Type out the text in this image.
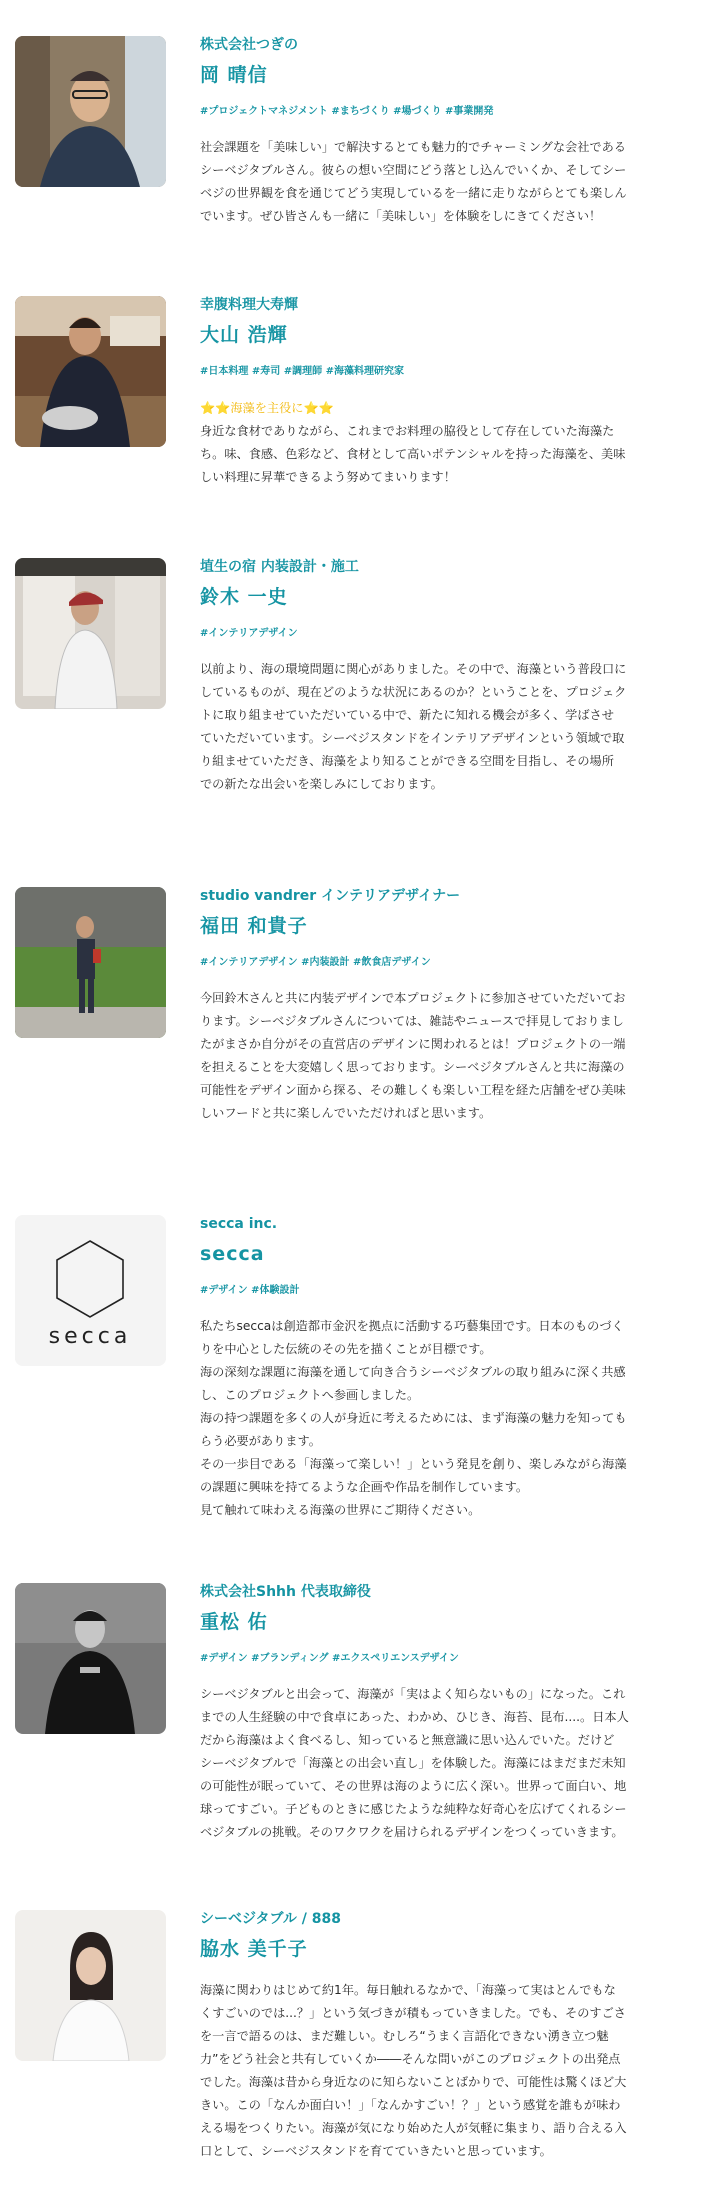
株式会社つぎの
岡 晴信
#プロジェクトマネジメント #まちづくり #場づくり #事業開発

社会課題を「美味しい」で解決するとても魅力的でチャーミングな会社である
シーベジタブルさん。彼らの想い空間にどう落とし込んでいくか、そしてシー
ベジの世界観を食を通じてどう実現しているを一緒に走りながらとても楽しん
でいます。ぜひ皆さんも一緒に「美味しい」を体験をしにきてください！

幸腹料理大寿輝
大山 浩輝
#日本料理 #寿司 #調理師 #海藻料理研究家

⭐⭐海藻を主役に⭐⭐

身近な食材でありながら、これまでお料理の脇役として存在していた海藻た
ち。味、食感、色彩など、食材として高いポテンシャルを持った海藻を、美味
しい料理に昇華できるよう努めてまいります！

埴生の宿 内装設計・施工
鈴木 一史
#インテリアデザイン

以前より、海の環境問題に関心がありました。その中で、海藻という普段口に
しているものが、現在どのような状況にあるのか？ということを、プロジェク
トに取り組ませていただいている中で、新たに知れる機会が多く、学ばさせ
ていただいています。シーベジスタンドをインテリアデザインという領域で取
り組ませていただき、海藻をより知ることができる空間を目指し、その場所
での新たな出会いを楽しみにしております。

studio vandrer インテリアデザイナー
福田 和貴子
#インテリアデザイン #内装設計 #飲食店デザイン

今回鈴木さんと共に内装デザインで本プロジェクトに参加させていただいてお
ります。シーベジタブルさんについては、雑誌やニュースで拝見しておりまし
たがまさか自分がその直営店のデザインに関われるとは！プロジェクトの一端
を担えることを大変嬉しく思っております。シーベジタブルさんと共に海藻の
可能性をデザイン面から探る、その難しくも楽しい工程を経た店舗をぜひ美味
しいフードと共に楽しんでいただければと思います。

secca
secca inc.
secca
#デザイン #体験設計

私たちseccaは創造都市金沢を拠点に活動する巧藝集団です。日本のものづく
りを中心とした伝統のその先を描くことが目標です。
海の深刻な課題に海藻を通して向き合うシーベジタブルの取り組みに深く共感
し、このプロジェクトへ参画しました。
海の持つ課題を多くの人が身近に考えるためには、まず海藻の魅力を知っても
らう必要があります。
その一歩目である「海藻って楽しい！」という発見を創り、楽しみながら海藻
の課題に興味を持てるような企画や作品を制作しています。
見て触れて味わえる海藻の世界にご期待ください。

株式会社Shhh 代表取締役
重松 佑
#デザイン #ブランディング #エクスペリエンスデザイン

シーベジタブルと出会って、海藻が「実はよく知らないもの」になった。これ
までの人生経験の中で食卓にあった、わかめ、ひじき、海苔、昆布....。日本人
だから海藻はよく食べるし、知っていると無意識に思い込んでいた。だけど
シーベジタブルで「海藻との出会い直し」を体験した。海藻にはまだまだ未知
の可能性が眠っていて、その世界は海のように広く深い。世界って面白い、地
球ってすごい。子どものときに感じたような純粋な好奇心を広げてくれるシー
ベジタブルの挑戦。そのワクワクを届けられるデザインをつくっていきます。

シーベジタブル / 888
脇水 美千子

海藻に関わりはじめて約1年。毎日触れるなかで、「海藻って実はとんでもな
くすごいのでは...？」という気づきが積もっていきました。でも、そのすごさ
を一言で語るのは、まだ難しい。むしろ“うまく言語化できない湧き立つ魅
力”をどう社会と共有していくか――そんな問いがこのプロジェクトの出発点
でした。海藻は昔から身近なのに知らないことばかりで、可能性は驚くほど大
きい。この「なんか面白い！」「なんかすごい！？」という感覚を誰もが味わ
える場をつくりたい。海藻が気になり始めた人が気軽に集まり、語り合える入
口として、シーベジスタンドを育てていきたいと思っています。
